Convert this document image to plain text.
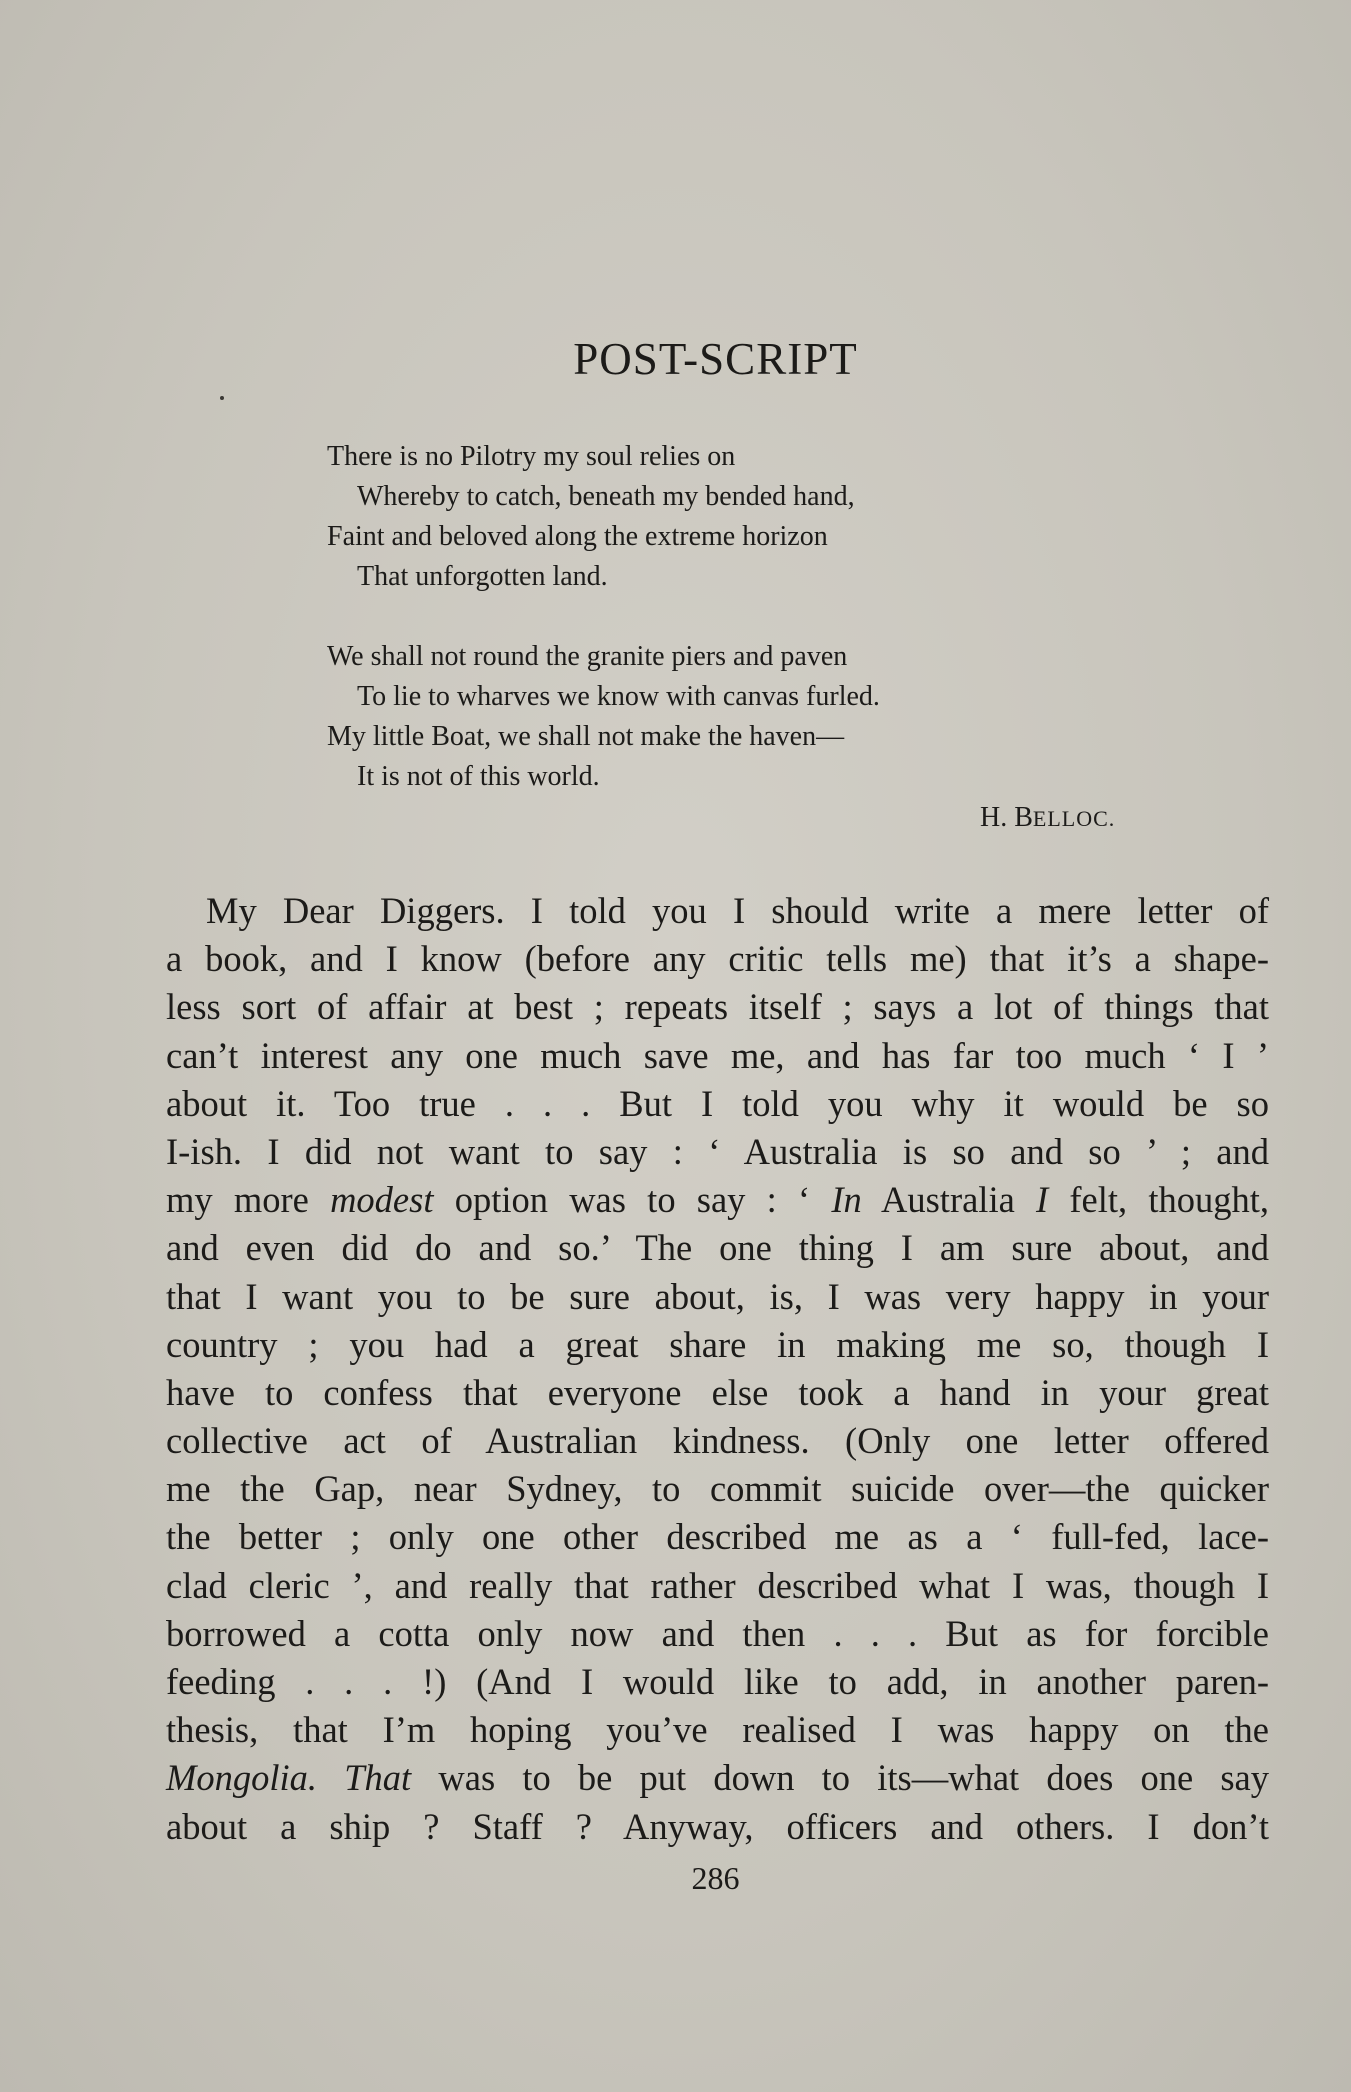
POST-SCRIPT
There is no Pilotry my soul relies on
Whereby to catch, beneath my bended hand,
Faint and beloved along the extreme horizon
That unforgotten land.
We shall not round the granite piers and paven
To lie to wharves we know with canvas furled.
My little Boat, we shall not make the haven—
It is not of this world.
H. BELLOC.
My Dear Diggers. I told you I should write a mere letter of
a book, and I know (before any critic tells me) that it’s a shape-
less sort of affair at best ; repeats itself ; says a lot of things that
can’t interest any one much save me, and has far too much ‘ I ’
about it. Too true . . . But I told you why it would be so
I-ish. I did not want to say : ‘ Australia is so and so ’ ; and
my more modest option was to say : ‘ In Australia I felt, thought,
and even did do and so.’ The one thing I am sure about, and
that I want you to be sure about, is, I was very happy in your
country ; you had a great share in making me so, though I
have to confess that everyone else took a hand in your great
collective act of Australian kindness. (Only one letter offered
me the Gap, near Sydney, to commit suicide over—the quicker
the better ; only one other described me as a ‘ full-fed, lace-
clad cleric ’, and really that rather described what I was, though I
borrowed a cotta only now and then . . . But as for forcible
feeding . . . !) (And I would like to add, in another paren-
thesis, that I’m hoping you’ve realised I was happy on the
Mongolia. That was to be put down to its—what does one say
about a ship ? Staff ? Anyway, officers and others. I don’t
286
